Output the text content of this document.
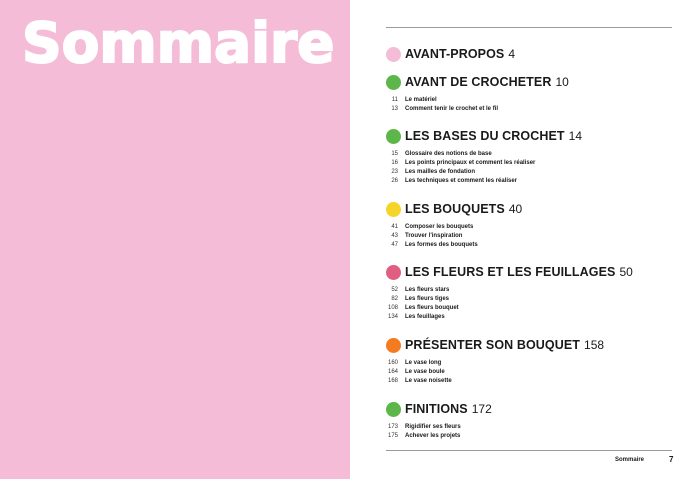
Sommaire	AVANT-PROPOS 4
AVANT DE CROCHETER 10
11 Le matériel
13 Comment tenir le crochet et le fil
LES BASES DU CROCHET 14
15 Glossaire des notions de base
16 Les points principaux et comment les réaliser
23 Les mailles de fondation
26 Les techniques et comment les réaliser
LES BOUQUETS 40
41 Composer les bouquets
43 Trouver l'inspiration
47 Les formes des bouquets
LES FLEURS ET LES FEUILLAGES 50
52 Les fleurs stars
82 Les fleurs tiges
108 Les fleurs bouquet
134 Les feuillages
PRÉSENTER SON BOUQUET 158
160 Le vase long
164 Le vase boule
168 Le vase noisette
FINITIONS 172
173 Rigidifier ses fleurs
175 Achever les projets
Sommaire	7
